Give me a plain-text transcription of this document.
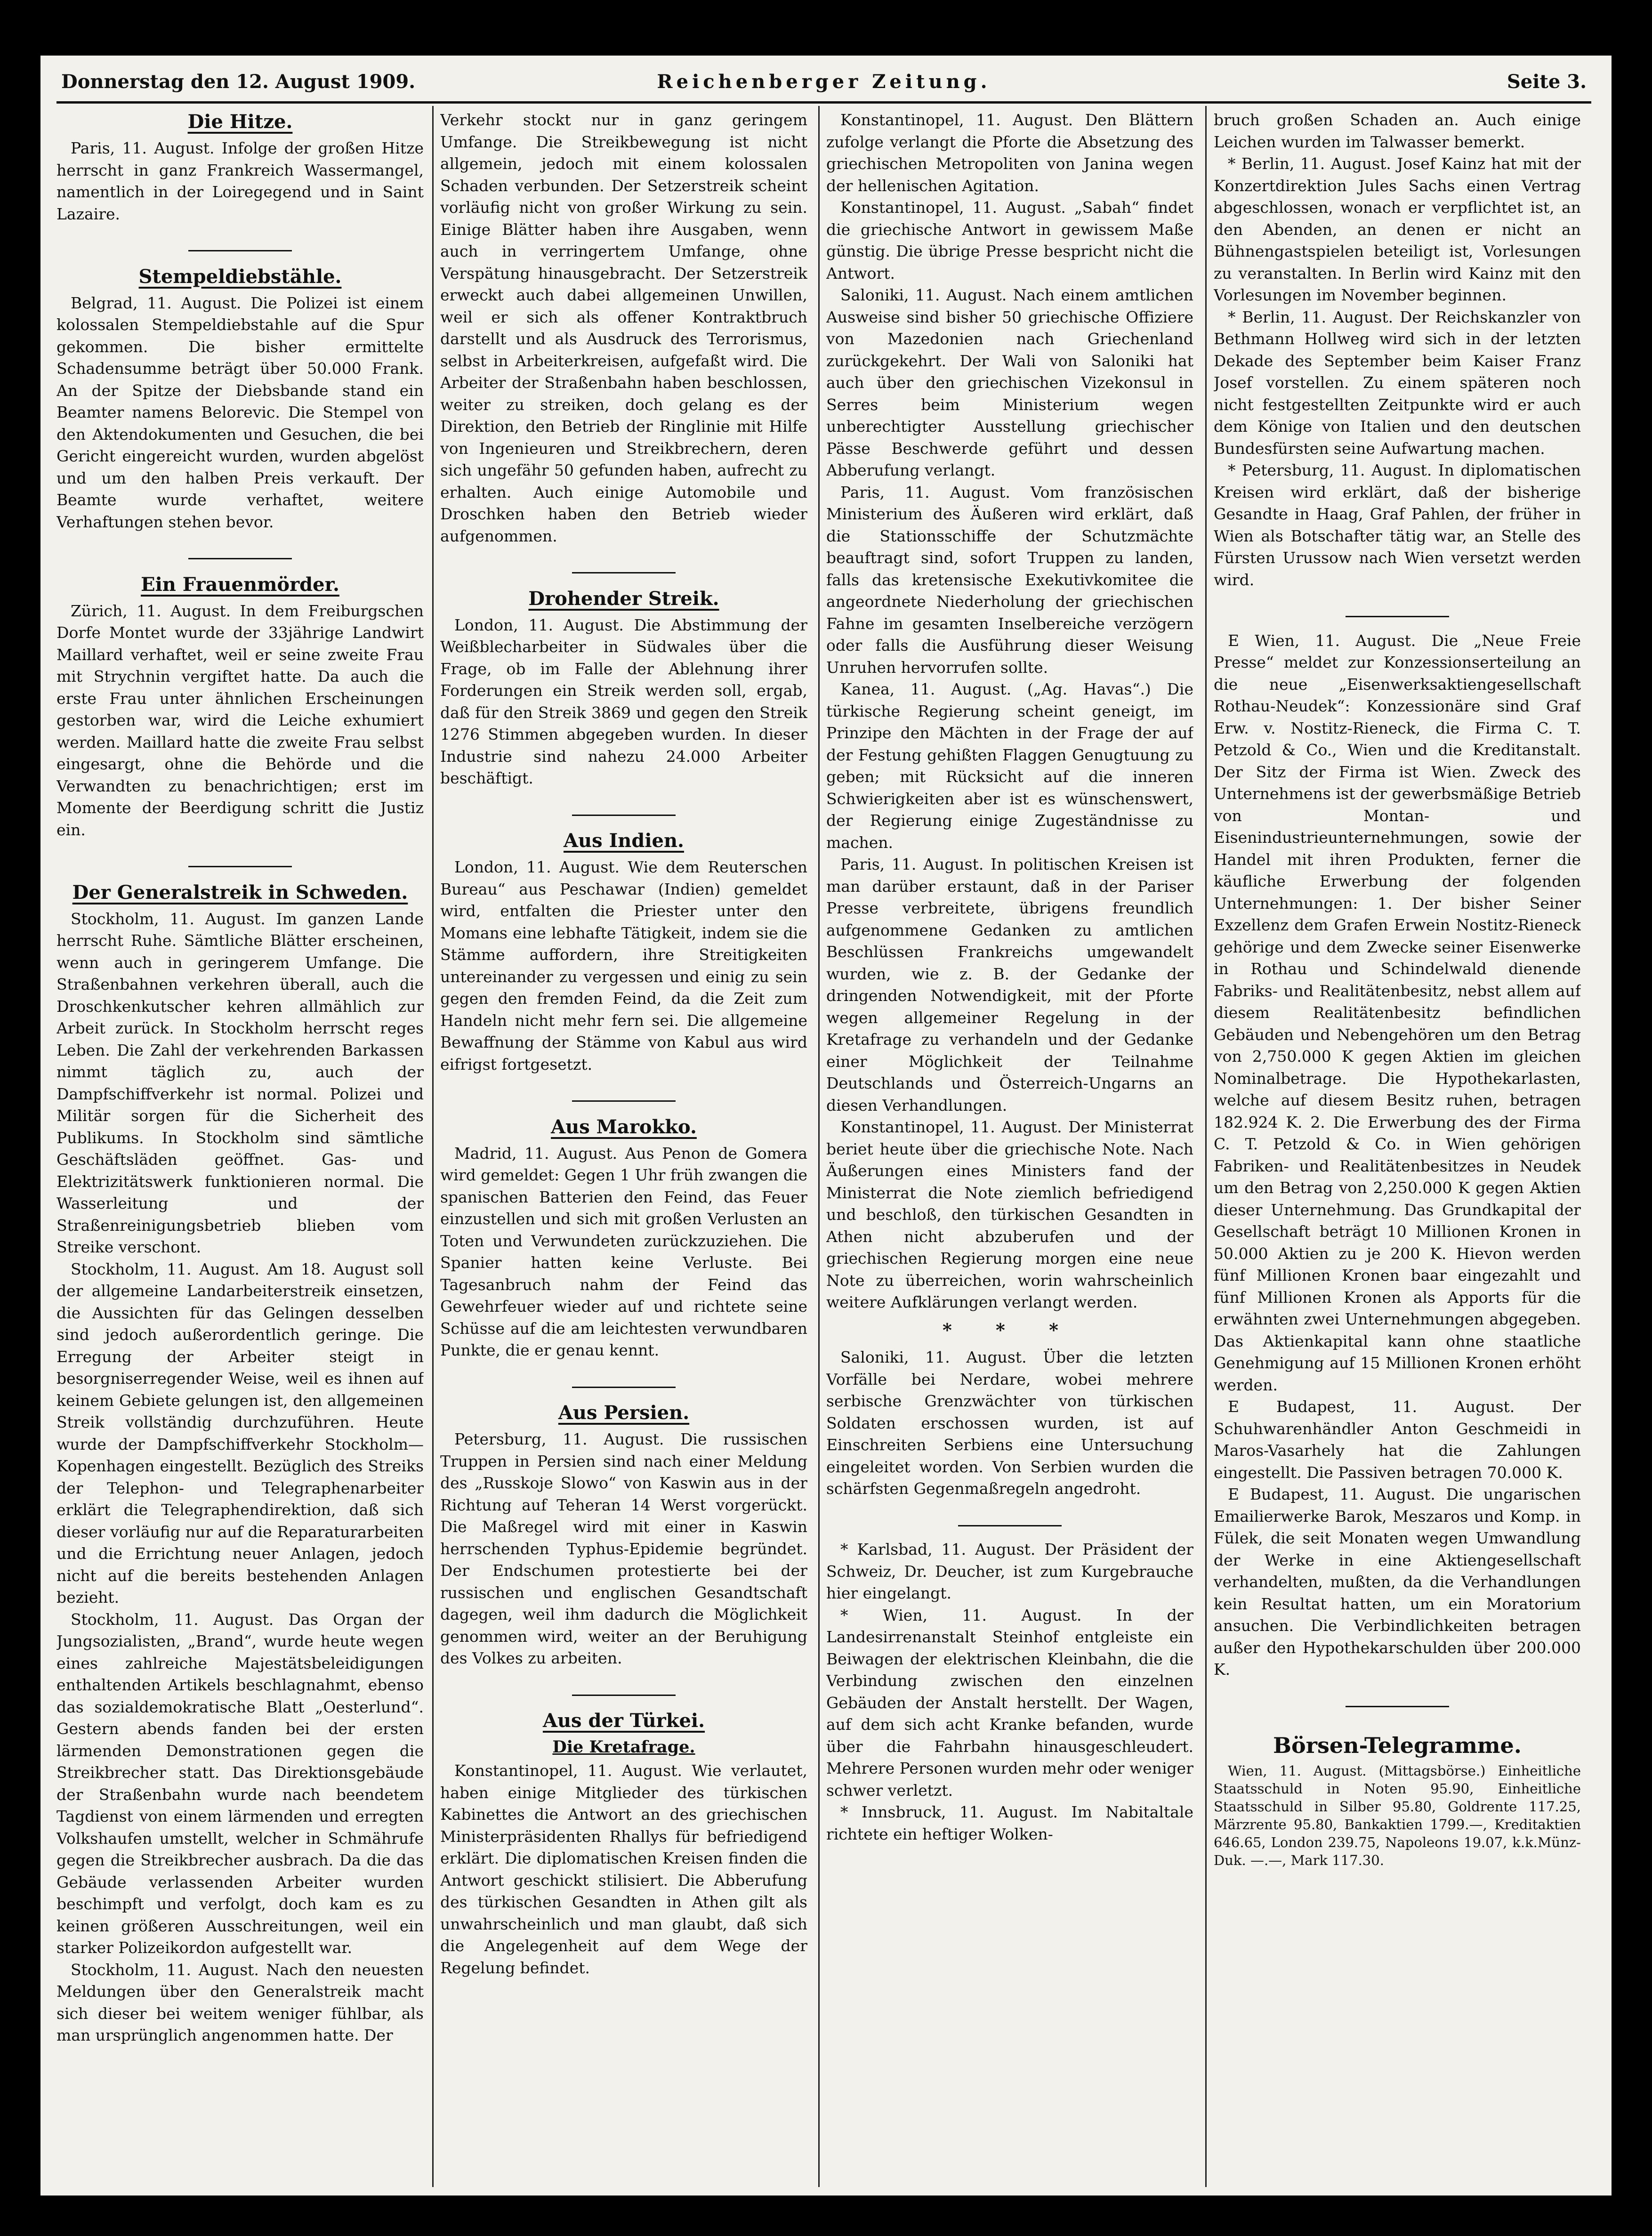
Donnerstag den 12. August 1909.	Reichenberger Zeitung.	Seite 3.
Die Hitze.

Paris, 11. August. Infolge der großen Hitze herrscht in ganz Frankreich Wassermangel, namentlich in der Loiregegend und in Saint Lazaire.

Stempeldiebstähle.

Belgrad, 11. August. Die Polizei ist einem kolossalen Stempeldiebstahle auf die Spur gekommen. Die bisher ermittelte Schadensumme beträgt über 50.000 Frank. An der Spitze der Diebsbande stand ein Beamter namens Belorevic. Die Stempel von den Aktendokumenten und Gesuchen, die bei Gericht eingereicht wurden, wurden abgelöst und um den halben Preis verkauft. Der Beamte wurde verhaftet, weitere Verhaftungen stehen bevor.

Ein Frauenmörder.

Zürich, 11. August. In dem Freiburgschen Dorfe Montet wurde der 33jährige Landwirt Maillard verhaftet, weil er seine zweite Frau mit Strychnin vergiftet hatte. Da auch die erste Frau unter ähnlichen Erscheinungen gestorben war, wird die Leiche exhumiert werden. Maillard hatte die zweite Frau selbst eingesargt, ohne die Behörde und die Verwandten zu benachrichtigen; erst im Momente der Beerdigung schritt die Justiz ein.

Der Generalstreik in Schweden.

Stockholm, 11. August. Im ganzen Lande herrscht Ruhe. Sämtliche Blätter erscheinen, wenn auch in geringerem Umfange. Die Straßenbahnen verkehren überall, auch die Droschkenkutscher kehren allmählich zur Arbeit zurück. In Stockholm herrscht reges Leben. Die Zahl der verkehrenden Barkassen nimmt täglich zu, auch der Dampfschiffverkehr ist normal. Polizei und Militär sorgen für die Sicherheit des Publikums. In Stockholm sind sämtliche Geschäftsläden geöffnet. Gas- und Elektrizitätswerk funktionieren normal. Die Wasserleitung und der Straßenreinigungsbetrieb blieben vom Streike verschont.

Stockholm, 11. August. Am 18. August soll der allgemeine Landarbeiterstreik einsetzen, die Aussichten für das Gelingen desselben sind jedoch außerordentlich geringe. Die Erregung der Arbeiter steigt in besorgniserregender Weise, weil es ihnen auf keinem Gebiete gelungen ist, den allgemeinen Streik vollständig durchzuführen. Heute wurde der Dampfschiffverkehr Stockholm—Kopenhagen eingestellt. Bezüglich des Streiks der Telephon- und Telegraphenarbeiter erklärt die Telegraphendirektion, daß sich dieser vorläufig nur auf die Reparaturarbeiten und die Errichtung neuer Anlagen, jedoch nicht auf die bereits bestehenden Anlagen bezieht.

Stockholm, 11. August. Das Organ der Jungsozialisten, „Brand“, wurde heute wegen eines zahlreiche Majestätsbeleidigungen enthaltenden Artikels beschlagnahmt, ebenso das sozialdemokratische Blatt „Oesterlund“. Gestern abends fanden bei der ersten lärmenden Demonstrationen gegen die Streikbrecher statt. Das Direktionsgebäude der Straßenbahn wurde nach beendetem Tagdienst von einem lärmenden und erregten Volkshaufen umstellt, welcher in Schmährufe gegen die Streikbrecher ausbrach. Da die das Gebäude verlassenden Arbeiter wurden beschimpft und verfolgt, doch kam es zu keinen größeren Ausschreitungen, weil ein starker Polizeikordon aufgestellt war.

Stockholm, 11. August. Nach den neuesten Meldungen über den Generalstreik macht sich dieser bei weitem weniger fühlbar, als man ursprünglich angenommen hatte. Der

Verkehr stockt nur in ganz geringem Umfange. Die Streikbewegung ist nicht allgemein, jedoch mit einem kolossalen Schaden verbunden. Der Setzerstreik scheint vorläufig nicht von großer Wirkung zu sein. Einige Blätter haben ihre Ausgaben, wenn auch in verringertem Umfange, ohne Verspätung hinausgebracht. Der Setzerstreik erweckt auch dabei allgemeinen Unwillen, weil er sich als offener Kontraktbruch darstellt und als Ausdruck des Terrorismus, selbst in Arbeiterkreisen, aufgefaßt wird. Die Arbeiter der Straßenbahn haben beschlossen, weiter zu streiken, doch gelang es der Direktion, den Betrieb der Ringlinie mit Hilfe von Ingenieuren und Streikbrechern, deren sich ungefähr 50 gefunden haben, aufrecht zu erhalten. Auch einige Automobile und Droschken haben den Betrieb wieder aufgenommen.

Drohender Streik.

London, 11. August. Die Abstimmung der Weißblecharbeiter in Südwales über die Frage, ob im Falle der Ablehnung ihrer Forderungen ein Streik werden soll, ergab, daß für den Streik 3869 und gegen den Streik 1276 Stimmen abgegeben wurden. In dieser Industrie sind nahezu 24.000 Arbeiter beschäftigt.

Aus Indien.

London, 11. August. Wie dem Reuterschen Bureau“ aus Peschawar (Indien) gemeldet wird, entfalten die Priester unter den Momans eine lebhafte Tätigkeit, indem sie die Stämme auffordern, ihre Streitigkeiten untereinander zu vergessen und einig zu sein gegen den fremden Feind, da die Zeit zum Handeln nicht mehr fern sei. Die allgemeine Bewaffnung der Stämme von Kabul aus wird eifrigst fortgesetzt.

Aus Marokko.

Madrid, 11. August. Aus Penon de Gomera wird gemeldet: Gegen 1 Uhr früh zwangen die spanischen Batterien den Feind, das Feuer einzustellen und sich mit großen Verlusten an Toten und Verwundeten zurückzuziehen. Die Spanier hatten keine Verluste. Bei Tagesanbruch nahm der Feind das Gewehrfeuer wieder auf und richtete seine Schüsse auf die am leichtesten verwundbaren Punkte, die er genau kennt.

Aus Persien.

Petersburg, 11. August. Die russischen Truppen in Persien sind nach einer Meldung des „Russkoje Slowo“ von Kaswin aus in der Richtung auf Teheran 14 Werst vorgerückt. Die Maßregel wird mit einer in Kaswin herrschenden Typhus-Epidemie begründet. Der Endschumen protestierte bei der russischen und englischen Gesandtschaft dagegen, weil ihm dadurch die Möglichkeit genommen wird, weiter an der Beruhigung des Volkes zu arbeiten.

Aus der Türkei.
Die Kretafrage.

Konstantinopel, 11. August. Wie verlautet, haben einige Mitglieder des türkischen Kabinettes die Antwort an des griechischen Ministerpräsidenten Rhallys für befriedigend erklärt. Die diplomatischen Kreisen finden die Antwort geschickt stilisiert. Die Abberufung des türkischen Gesandten in Athen gilt als unwahrscheinlich und man glaubt, daß sich die Angelegenheit auf dem Wege der Regelung befindet.

Konstantinopel, 11. August. Den Blättern zufolge verlangt die Pforte die Absetzung des griechischen Metropoliten von Janina wegen der hellenischen Agitation.

Konstantinopel, 11. August. „Sabah“ findet die griechische Antwort in gewissem Maße günstig. Die übrige Presse bespricht nicht die Antwort.

Saloniki, 11. August. Nach einem amtlichen Ausweise sind bisher 50 griechische Offiziere von Mazedonien nach Griechenland zurückgekehrt. Der Wali von Saloniki hat auch über den griechischen Vizekonsul in Serres beim Ministerium wegen unberechtigter Ausstellung griechischer Pässe Beschwerde geführt und dessen Abberufung verlangt.

Paris, 11. August. Vom französischen Ministerium des Äußeren wird erklärt, daß die Stationsschiffe der Schutzmächte beauftragt sind, sofort Truppen zu landen, falls das kretensische Exekutivkomitee die angeordnete Niederholung der griechischen Fahne im gesamten Inselbereiche verzögern oder falls die Ausführung dieser Weisung Unruhen hervorrufen sollte.

Kanea, 11. August. („Ag. Havas“.) Die türkische Regierung scheint geneigt, im Prinzipe den Mächten in der Frage der auf der Festung gehißten Flaggen Genugtuung zu geben; mit Rücksicht auf die inneren Schwierigkeiten aber ist es wünschenswert, der Regierung einige Zugeständnisse zu machen.

Paris, 11. August. In politischen Kreisen ist man darüber erstaunt, daß in der Pariser Presse verbreitete, übrigens freundlich aufgenommene Gedanken zu amtlichen Beschlüssen Frankreichs umgewandelt wurden, wie z. B. der Gedanke der dringenden Notwendigkeit, mit der Pforte wegen allgemeiner Regelung in der Kretafrage zu verhandeln und der Gedanke einer Möglichkeit der Teilnahme Deutschlands und Österreich-Ungarns an diesen Verhandlungen.

Konstantinopel, 11. August. Der Ministerrat beriet heute über die griechische Note. Nach Äußerungen eines Ministers fand der Ministerrat die Note ziemlich befriedigend und beschloß, den türkischen Gesandten in Athen nicht abzuberufen und der griechischen Regierung morgen eine neue Note zu überreichen, worin wahrscheinlich weitere Aufklärungen verlangt werden.

* * *

Saloniki, 11. August. Über die letzten Vorfälle bei Nerdare, wobei mehrere serbische Grenzwächter von türkischen Soldaten erschossen wurden, ist auf Einschreiten Serbiens eine Untersuchung eingeleitet worden. Von Serbien wurden die schärfsten Gegenmaßregeln angedroht.

* Karlsbad, 11. August. Der Präsident der Schweiz, Dr. Deucher, ist zum Kurgebrauche hier eingelangt.

* Wien, 11. August. In der Landesirrenanstalt Steinhof entgleiste ein Beiwagen der elektrischen Kleinbahn, die die Verbindung zwischen den einzelnen Gebäuden der Anstalt herstellt. Der Wagen, auf dem sich acht Kranke befanden, wurde über die Fahrbahn hinausgeschleudert. Mehrere Personen wurden mehr oder weniger schwer verletzt.

* Innsbruck, 11. August. Im Nabitaltale richtete ein heftiger Wolken-

bruch großen Schaden an. Auch einige Leichen wurden im Talwasser bemerkt.

* Berlin, 11. August. Josef Kainz hat mit der Konzertdirektion Jules Sachs einen Vertrag abgeschlossen, wonach er verpflichtet ist, an den Abenden, an denen er nicht an Bühnengastspielen beteiligt ist, Vorlesungen zu veranstalten. In Berlin wird Kainz mit den Vorlesungen im November beginnen.

* Berlin, 11. August. Der Reichskanzler von Bethmann Hollweg wird sich in der letzten Dekade des September beim Kaiser Franz Josef vorstellen. Zu einem späteren noch nicht festgestellten Zeitpunkte wird er auch dem Könige von Italien und den deutschen Bundesfürsten seine Aufwartung machen.

* Petersburg, 11. August. In diplomatischen Kreisen wird erklärt, daß der bisherige Gesandte in Haag, Graf Pahlen, der früher in Wien als Botschafter tätig war, an Stelle des Fürsten Urussow nach Wien versetzt werden wird.

E Wien, 11. August. Die „Neue Freie Presse“ meldet zur Konzessionserteilung an die neue „Eisenwerksaktiengesellschaft Rothau-Neudek“: Konzessionäre sind Graf Erw. v. Nostitz-Rieneck, die Firma C. T. Petzold & Co., Wien und die Kreditanstalt. Der Sitz der Firma ist Wien. Zweck des Unternehmens ist der gewerbsmäßige Betrieb von Montan- und Eisenindustrieunternehmungen, sowie der Handel mit ihren Produkten, ferner die käufliche Erwerbung der folgenden Unternehmungen: 1. Der bisher Seiner Exzellenz dem Grafen Erwein Nostitz-Rieneck gehörige und dem Zwecke seiner Eisenwerke in Rothau und Schindelwald dienende Fabriks- und Realitätenbesitz, nebst allem auf diesem Realitätenbesitz befindlichen Gebäuden und Nebengehören um den Betrag von 2,750.000 K gegen Aktien im gleichen Nominalbetrage. Die Hypothekarlasten, welche auf diesem Besitz ruhen, betragen 182.924 K. 2. Die Erwerbung des der Firma C. T. Petzold & Co. in Wien gehörigen Fabriken- und Realitätenbesitzes in Neudek um den Betrag von 2,250.000 K gegen Aktien dieser Unternehmung. Das Grundkapital der Gesellschaft beträgt 10 Millionen Kronen in 50.000 Aktien zu je 200 K. Hievon werden fünf Millionen Kronen baar eingezahlt und fünf Millionen Kronen als Apports für die erwähnten zwei Unternehmungen abgegeben. Das Aktienkapital kann ohne staatliche Genehmigung auf 15 Millionen Kronen erhöht werden.

E Budapest, 11. August. Der Schuhwarenhändler Anton Geschmeidi in Maros-Vasarhely hat die Zahlungen eingestellt. Die Passiven betragen 70.000 K.

E Budapest, 11. August. Die ungarischen Emailierwerke Barok, Meszaros und Komp. in Fülek, die seit Monaten wegen Umwandlung der Werke in eine Aktiengesellschaft verhandelten, mußten, da die Verhandlungen kein Resultat hatten, um ein Moratorium ansuchen. Die Verbindlichkeiten betragen außer den Hypothekarschulden über 200.000 K.

Börsen-Telegramme.

Wien, 11. August. (Mittagsbörse.) Einheitliche Staatsschuld in Noten 95.90, Einheitliche Staatsschuld in Silber 95.80, Goldrente 117.25, Märzrente 95.80, Bankaktien 1799.—, Kreditaktien 646.65, London 239.75, Napoleons 19.07, k.k.Münz-Duk. —.—, Mark 117.30.
